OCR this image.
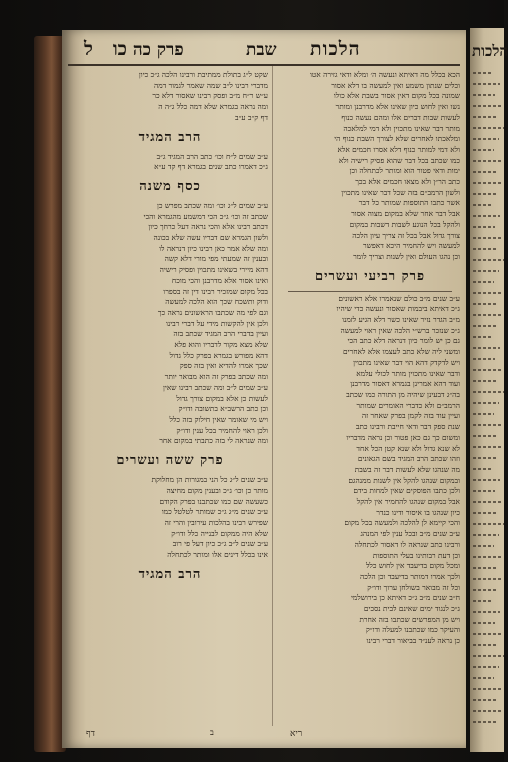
הלכות
הלכות
שבת
פרק כה כו ל
הכא בכלל מה דאיתא ונעשה ה׳ ומלא ודאי גזירה אטו
וכלים שנתון משמע ואין למעשה בו דלא אסור
שמונה בכל מקום דאין אסור בשבת אלא כולו
נשו ואין לחוש כיון שאינו אלא מדרבנן ומותר
לעשות שבות דברים אלו ומהם נעשה כנוף
מותר דבר שאינו מתכוין ולא דמי למלאכה
ומלאכתו לאחרים שלא לצורך השבת כנוף הי
ולא דמי למותר כנוף דלא אסרו חכמים אלא
כמו שכתב בכל דבר שהוא פסיק רישיה ולא
ימות ודאי פטור הוא ומותר לכתחלה וכן
כתב הר״ן ולא מצאו חכמים אלא בכך
ולשון הרמב״ם בזה שכל דבר שאינו מתכוין
אשר כתבו התוספות שמותר כל דבר
אבל דבר אחר שלא במקום מצוה אסור
ולהקל בכל הנוגע לשבות דשבות במקום
צורך גדול אבל בכל זה צריך עיון הלכה
למעשה ויש להחמיר היכא דאפשר
וכן נהגו העולם ואין לשנות וצריך לומר
פרק רביעי ועשרים
ע״ב שנים מ״ב כולם שנאמרו אלא ראשונים
ג״כ דאיתא ביבמות שאסור ונעשה כדי שיהיו
מ״ב הגדר נזיר שאינו כשר דלא הגיע לזמנו
ג״כ שנזכר ברש״י הלכה שאין ראוי למעשה
גם כן יש לומר כיון דנראה דלא כתב הכי
ומשני ליה שלא כתב לעצמו אלא לאחרים
ויש לדקדק דהא הוי דבר שאינו מתכוין
ודבר שאינו מתכוין מותר לכולי עלמא
ועוד דהא אמרינן בגמרא דאסור מדרבנן
בה״ג דבעינן שיהיה מן התורה כמו שכתב
הרמב״ם ולא כדברי האומרים שמותר
ועיין עוד בזה לקמן בפרק שאחר זה
שנת ספק דבר ודאי חייבת ורבינו כתב
ומשום כך גם כאן פטור וכן נראה מדבריו
לא שנא גדול ולא שנא קטן הכל אחד
וזהו שכתב הרב המגיד בשם הגאונים
מה שנהגו שלא לעשות דבר זה בשבת
ובמקום שנהגו להקל אין לשנות ממנהגם
ולכן כתבו הפוסקים שאין למחות בידם
אבל במקום שנהגו להחמיר אין להקל
כיון שנהגו בו איסור ודינו כנדר
והכי קיימא לן להלכה ולמעשה בכל מקום
ע״ב שנים מ״ב ובכל ענין לפי המנהג
ורבינו כתב שנראה לו דאסור לכתחלה
וכן דעת רבותינו בעלי התוספות
ומכל מקום בדיעבד אין לחוש כלל
ולכך אמרו דמותר בדיעבד וכן הלכה
וכל זה מבואר בשולחן ערוך ודו״ק
ח״ב שנים מ״ב ג״כ דאיתא כן בירושלמי
ג״כ לנגוד ימים שאינם לבית נסכים
ויש מן המפרשים שכתבו בזה אחרת
והעיקר כמו שכתבנו למעלה ודו״ק
כן נראה לענ״ד בביאור דברי רבינו
שקט ל״ג בתולת ממתיבת ורבינו הלכה ג״כ כיון
מדברי רבינו ל״ב שמה שאמר לגמור דמה
ע״ש ר״ח מ״ב ופסק רבינו שאסור דלא כר
ומה נראה בגמרא שלא דמה כלל ג״ה ה
דף ק״ב ע״ב
הרב המגיד
ע״ב שמים ל״ח וכו׳ כתב הרב המגיד ג״ב
ג״כ דאמרו כתב שנים בגמרא דף קד ע״א
כסף משנה
ע״ב שמים ל״ג וכו׳ ומה שכתב מפרש כן
שכתב זה וכו׳ ג״כ הכי דמשמע מהגמרא והכי
דכתב רבינו אלא והכי נראה דעל כרחך כיון
ולשון הגמרא שם דבריו עשה שלא בכונה
ומה שלא אמר כאן רבינו כיון דנראה לו
ובענין זה שמעתי מפי מורי דלא קשה
דהא מיירי בשאינו מתכוין ופסיק רישיה
ואינו אסור אלא מדרבנן והכי מוכח
בכל מקום שמזכיר רבינו דין זה בספרו
ודוק ותשכח שכך הוא הלכה למעשה
וגם לפי מה שכתבו הראשונים נראה כך
ולכן אין להקשות מידי על דברי רבינו
ועיין בדברי הרב המגיד שכתב בזה
שלא מצא מקור לדבריו והוא פלא
דהא מפורש בגמרא בפרק כלל גדול
שכך אמרו להדיא ואין בזה ספק
ומה שכתב בפרק זה הוא מבואר יותר
ע״ב שמים ל״ב ומה שכתב רבינו שאין
לעשות כן אלא במקום צורך גדול
וכן כתב הרשב״א בתשובה ודו״ק
ויש מי שאומר שאין חילוק בזה כלל
ולכן ראוי להחמיר בכל ענין ודו״ק
ומה שנראה לי בזה כתבתי במקום אחר
פרק ששה ועשרים
ע״ב שנים ל״ג כל הני במגורות הן מחלוקת
מותר כן וכו׳ ג״כ ובענין מקום מחיצה
כשעשה שם כמו שכתבנו בפרק הקודם
ע״ב שנים מ״ג ג״כ שמותר לטלטל כמו
שפירש רבינו בהלכות עירובין והרי זה
שלא היה ממקום לבנייה כלל ודו״ק
ע״ב שנים ל״ב ג״כ כיון דעל פי רוב
אינו בכלל דינים אלו ומותר לכתחלה
הרב המגיד
ריא
ב
דף
